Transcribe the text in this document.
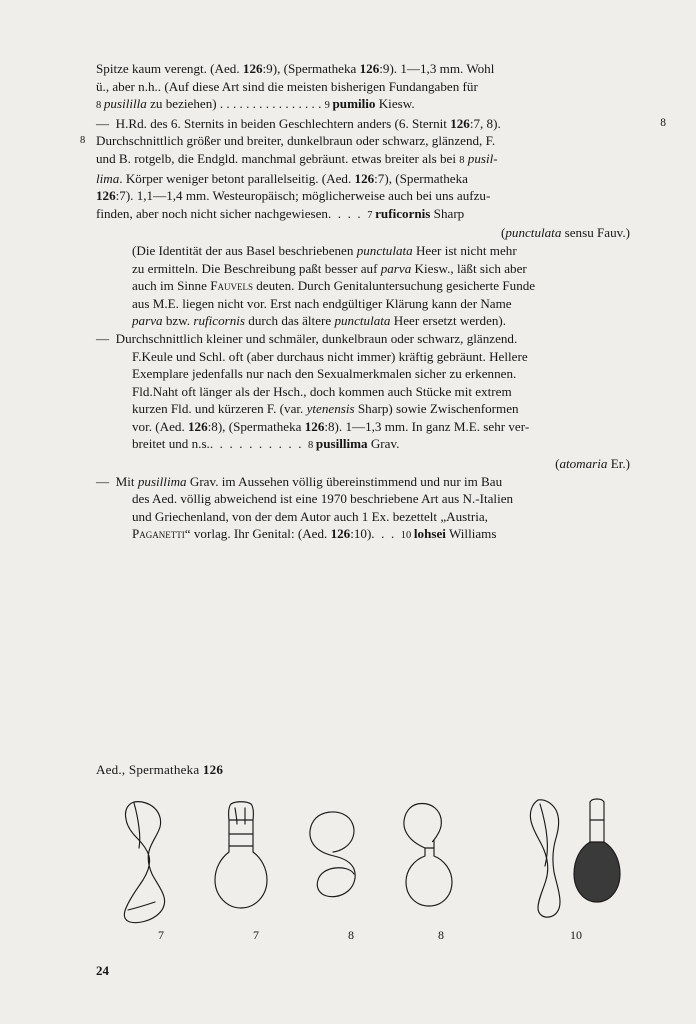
Spitze kaum verengt. (Aed. 126:9), (Spermatheka 126:9). 1—1,3 mm. Wohl
ü., aber n.h.. (Auf diese Art sind die meisten bisherigen Fundangaben für
8 pusililla zu beziehen) . . . . . . . . . . . . . . . . 9 pumilio Kiesw.
8
—  H.Rd. des 6. Sternits in beiden Geschlechtern anders (6. Sternit 126:7, 8).
8 Durchschnittlich größer und breiter, dunkelbraun oder schwarz, glänzend, F.
und B. rotgelb, die Endgld. manchmal gebräunt. etwas breiter als bei 8 pusil-
lima. Körper weniger betont parallelseitig. (Aed. 126:7), (Spermatheka
126:7). 1,1—1,4 mm. Westeuropäisch; möglicherweise auch bei uns aufzu-
finden, aber noch nicht sicher nachgewiesen.  .  .  .  7 ruficornis Sharp
(punctulata sensu Fauv.)
(Die Identität der aus Basel beschriebenen punctulata Heer ist nicht mehr
zu ermitteln. Die Beschreibung paßt besser auf parva Kiesw., läßt sich aber
auch im Sinne Fauvels deuten. Durch Genitaluntersuchung gesicherte Funde
aus M.E. liegen nicht vor. Erst nach endgültiger Klärung kann der Name
parva bzw. ruficornis durch das ältere punctulata Heer ersetzt werden).
—  Durchschnittlich kleiner und schmäler, dunkelbraun oder schwarz, glänzend.
F.Keule und Schl. oft (aber durchaus nicht immer) kräftig gebräunt. Hellere
Exemplare jedenfalls nur nach den Sexualmerkmalen sicher zu erkennen.
Fld.Naht oft länger als der Hsch., doch kommen auch Stücke mit extrem
kurzen Fld. und kürzeren F. (var. ytenensis Sharp) sowie Zwischenformen
vor. (Aed. 126:8), (Spermatheka 126:8). 1—1,3 mm. In ganz M.E. sehr ver-
breitet und n.s..  .  .  .  .  .  .  .  .  .  8 pusillima Grav.
(atomaria Er.)
—  Mit pusillima Grav. im Aussehen völlig übereinstimmend und nur im Bau
des Aed. völlig abweichend ist eine 1970 beschriebene Art aus N.-Italien
und Griechenland, von der dem Autor auch 1 Ex. bezettelt „Austria,
Paganetti“ vorlag. Ihr Genital: (Aed. 126:10).  .  .  10 lohsei Williams
Aed., Spermatheka 126
7	7	8	8	10
24
